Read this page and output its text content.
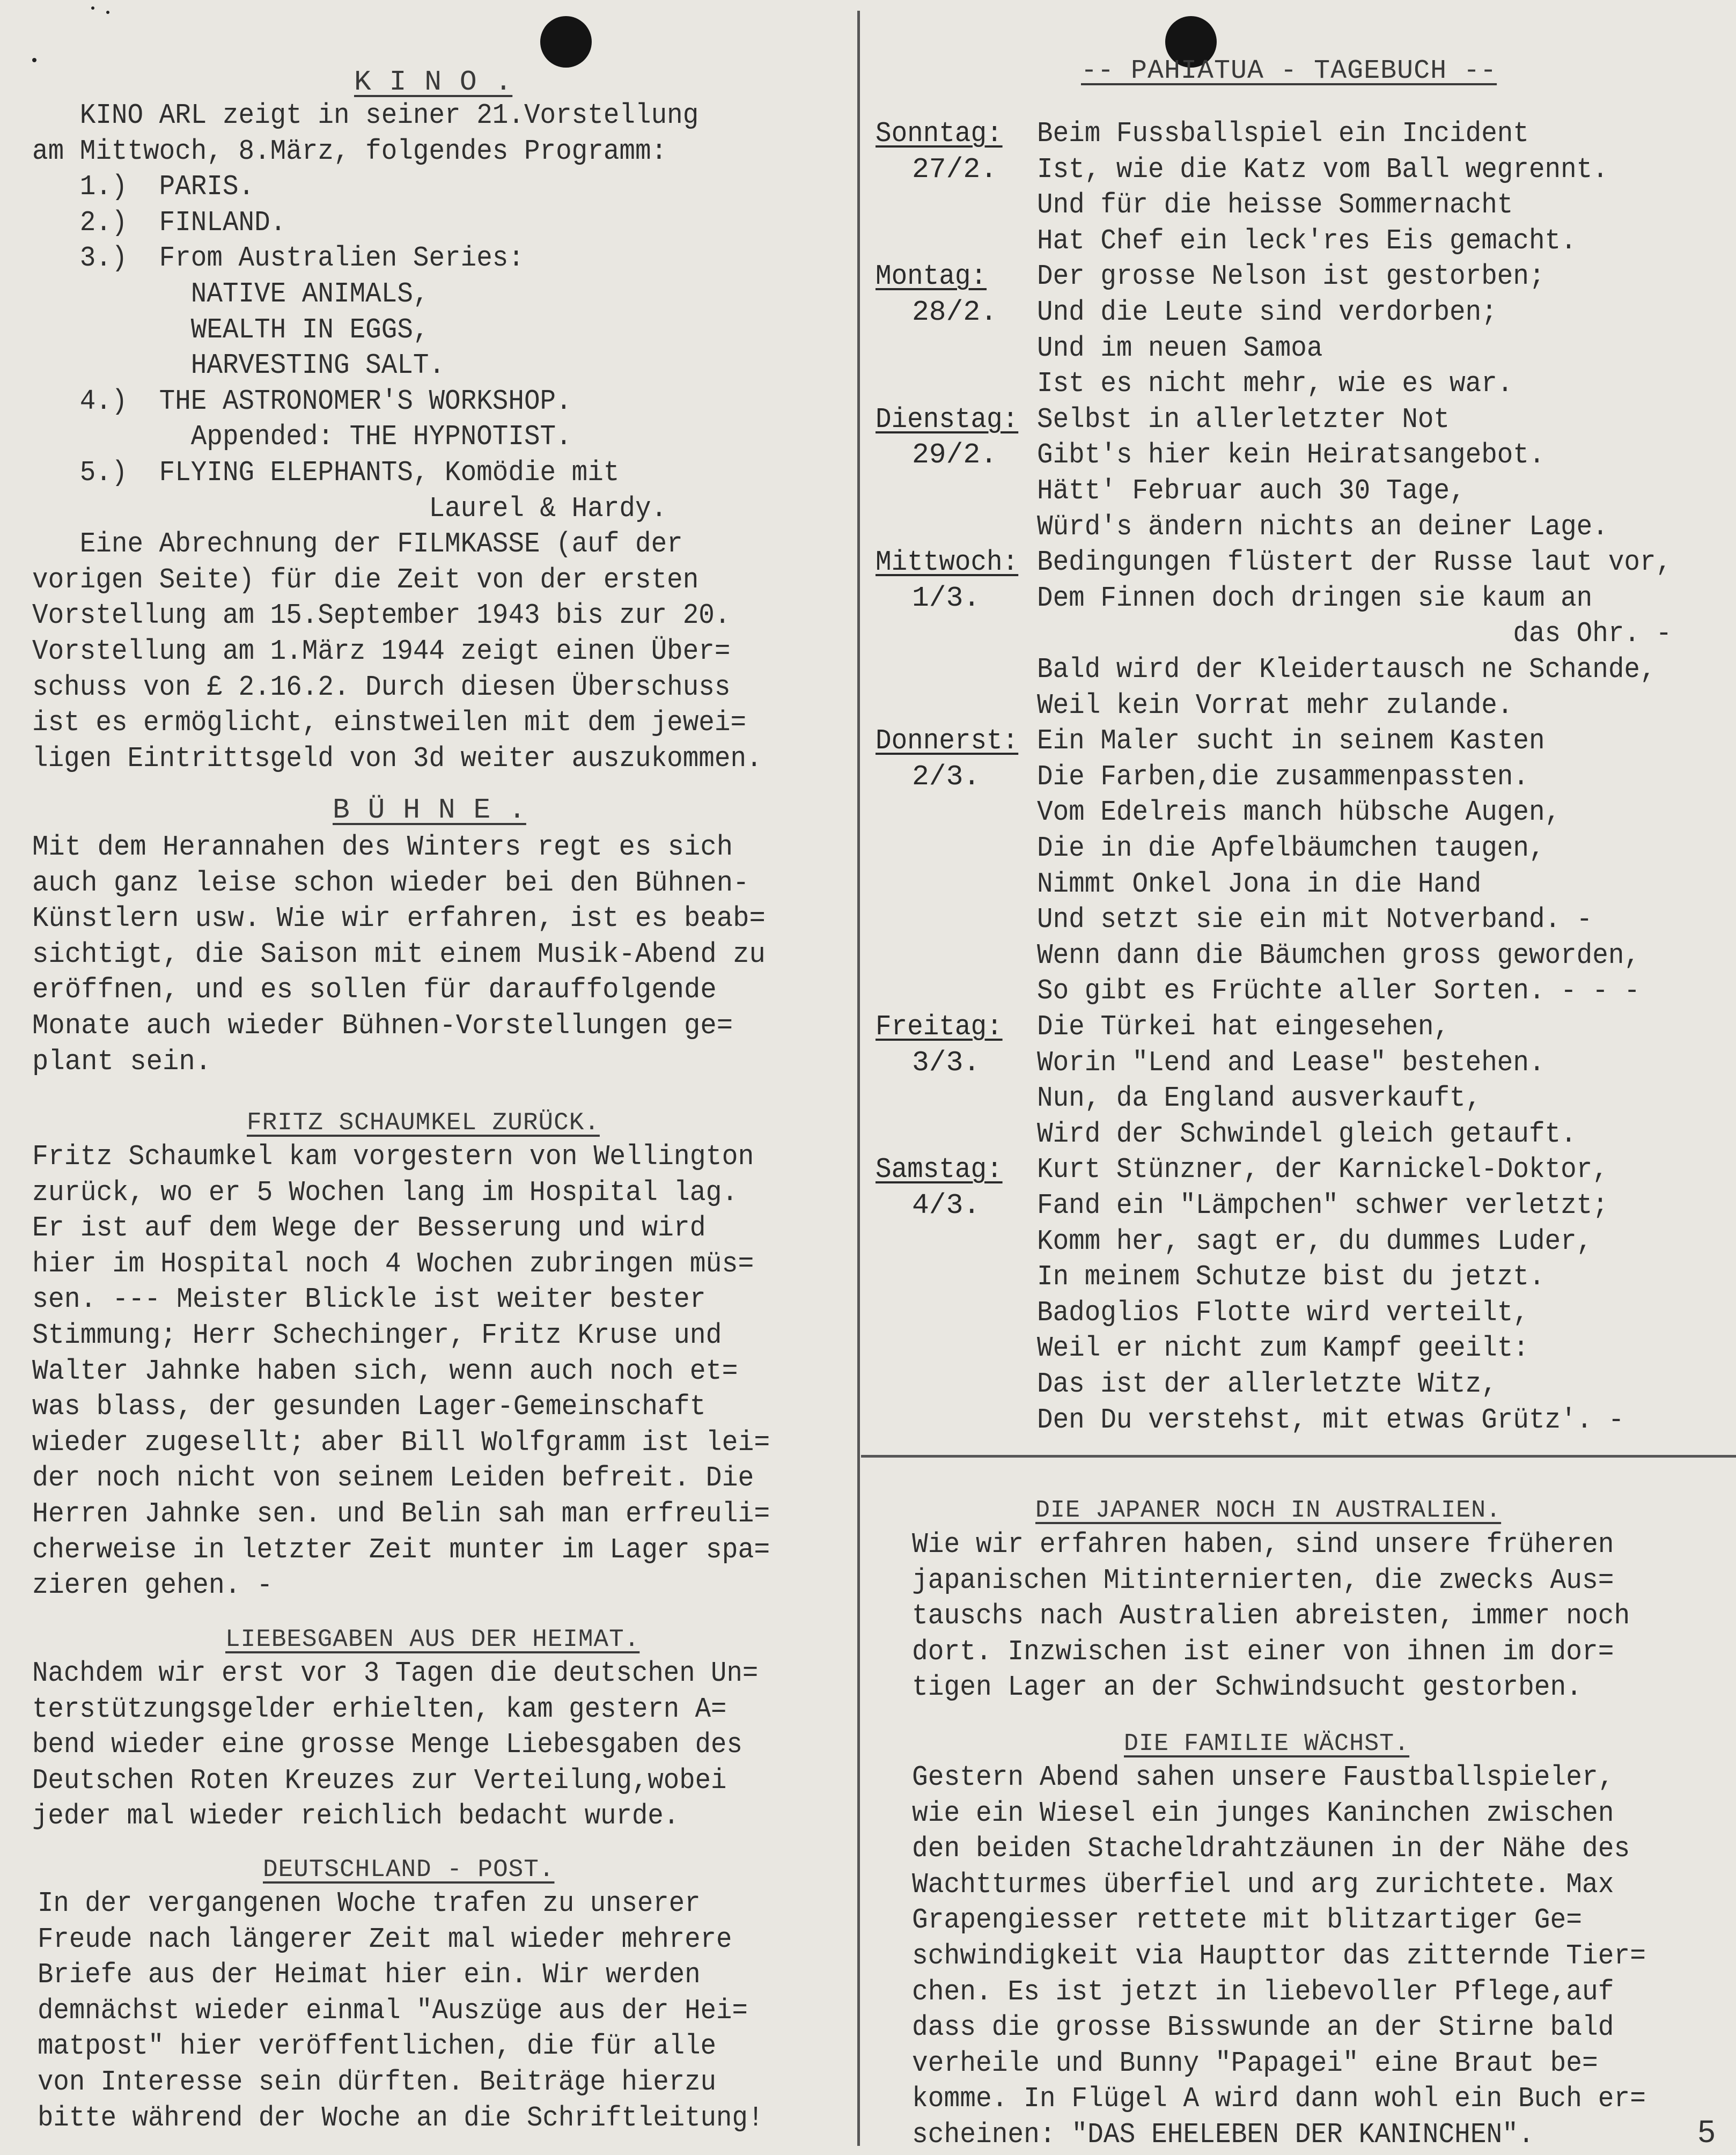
K I N O .
KINO ARL zeigt in seiner 21.Vorstellung
am Mittwoch, 8.März, folgendes Programm:
1.)  PARIS.
2.)  FINLAND.
3.)  From Australien Series:
NATIVE ANIMALS,
WEALTH IN EGGS,
HARVESTING SALT.
4.)  THE ASTRONOMER'S WORKSHOP.
Appended: THE HYPNOTIST.
5.)  FLYING ELEPHANTS, Komödie mit
Laurel & Hardy.
Eine Abrechnung der FILMKASSE (auf der
vorigen Seite) für die Zeit von der ersten
Vorstellung am 15.September 1943 bis zur 20.
Vorstellung am 1.März 1944 zeigt einen Über=
schuss von £ 2.16.2. Durch diesen Überschuss
ist es ermöglicht, einstweilen mit dem jewei=
ligen Eintrittsgeld von 3d weiter auszukommen.
B Ü H N E .
Mit dem Herannahen des Winters regt es sich
auch ganz leise schon wieder bei den Bühnen-
Künstlern usw. Wie wir erfahren, ist es beab=
sichtigt, die Saison mit einem Musik-Abend zu
eröffnen, und es sollen für darauffolgende
Monate auch wieder Bühnen-Vorstellungen ge=
plant sein.
FRITZ SCHAUMKEL ZURÜCK.
Fritz Schaumkel kam vorgestern von Wellington
zurück, wo er 5 Wochen lang im Hospital lag.
Er ist auf dem Wege der Besserung und wird
hier im Hospital noch 4 Wochen zubringen müs=
sen. --- Meister Blickle ist weiter bester
Stimmung; Herr Schechinger, Fritz Kruse und
Walter Jahnke haben sich, wenn auch noch et=
was blass, der gesunden Lager-Gemeinschaft
wieder zugesellt; aber Bill Wolfgramm ist lei=
der noch nicht von seinem Leiden befreit. Die
Herren Jahnke sen. und Belin sah man erfreuli=
cherweise in letzter Zeit munter im Lager spa=
zieren gehen. -
LIEBESGABEN AUS DER HEIMAT.
Nachdem wir erst vor 3 Tagen die deutschen Un=
terstützungsgelder erhielten, kam gestern A=
bend wieder eine grosse Menge Liebesgaben des
Deutschen Roten Kreuzes zur Verteilung,wobei
jeder mal wieder reichlich bedacht wurde.
DEUTSCHLAND - POST.
In der vergangenen Woche trafen zu unserer
Freude nach längerer Zeit mal wieder mehrere
Briefe aus der Heimat hier ein. Wir werden
demnächst wieder einmal "Auszüge aus der Hei=
matpost" hier veröffentlichen, die für alle
von Interesse sein dürften. Beiträge hierzu
bitte während der Woche an die Schriftleitung!
-- PAHIATUA - TAGEBUCH --
Sonntag:
27/2.
Beim Fussballspiel ein Incident
Ist, wie die Katz vom Ball wegrennt.
Und für die heisse Sommernacht
Hat Chef ein leck'res Eis gemacht.
Montag:
28/2.
Der grosse Nelson ist gestorben;
Und die Leute sind verdorben;
Und im neuen Samoa
Ist es nicht mehr, wie es war.
Dienstag:
29/2.
Selbst in allerletzter Not
Gibt's hier kein Heiratsangebot.
Hätt' Februar auch 30 Tage,
Würd's ändern nichts an deiner Lage.
Mittwoch:
1/3.
Bedingungen flüstert der Russe laut vor,
Dem Finnen doch dringen sie kaum an
das Ohr. -
Bald wird der Kleidertausch ne Schande,
Weil kein Vorrat mehr zulande.
Donnerst:
2/3.
Ein Maler sucht in seinem Kasten
Die Farben,die zusammenpassten.
Vom Edelreis manch hübsche Augen,
Die in die Apfelbäumchen taugen,
Nimmt Onkel Jona in die Hand
Und setzt sie ein mit Notverband. -
Wenn dann die Bäumchen gross geworden,
So gibt es Früchte aller Sorten. - - -
Freitag:
3/3.
Die Türkei hat eingesehen,
Worin "Lend and Lease" bestehen.
Nun, da England ausverkauft,
Wird der Schwindel gleich getauft.
Samstag:
4/3.
Kurt Stünzner, der Karnickel-Doktor,
Fand ein "Lämpchen" schwer verletzt;
Komm her, sagt er, du dummes Luder,
In meinem Schutze bist du jetzt.
Badoglios Flotte wird verteilt,
Weil er nicht zum Kampf geeilt:
Das ist der allerletzte Witz,
Den Du verstehst, mit etwas Grütz'. -
DIE JAPANER NOCH IN AUSTRALIEN.
Wie wir erfahren haben, sind unsere früheren
japanischen Mitinternierten, die zwecks Aus=
tauschs nach Australien abreisten, immer noch
dort. Inzwischen ist einer von ihnen im dor=
tigen Lager an der Schwindsucht gestorben.
DIE FAMILIE WÄCHST.
Gestern Abend sahen unsere Faustballspieler,
wie ein Wiesel ein junges Kaninchen zwischen
den beiden Stacheldrahtzäunen in der Nähe des
Wachtturmes überfiel und arg zurichtete. Max
Grapengiesser rettete mit blitzartiger Ge=
schwindigkeit via Haupttor das zitternde Tier=
chen. Es ist jetzt in liebevoller Pflege,auf
dass die grosse Bisswunde an der Stirne bald
verheile und Bunny "Papagei" eine Braut be=
komme. In Flügel A wird dann wohl ein Buch er=
scheinen: "DAS EHELEBEN DER KANINCHEN".	5
